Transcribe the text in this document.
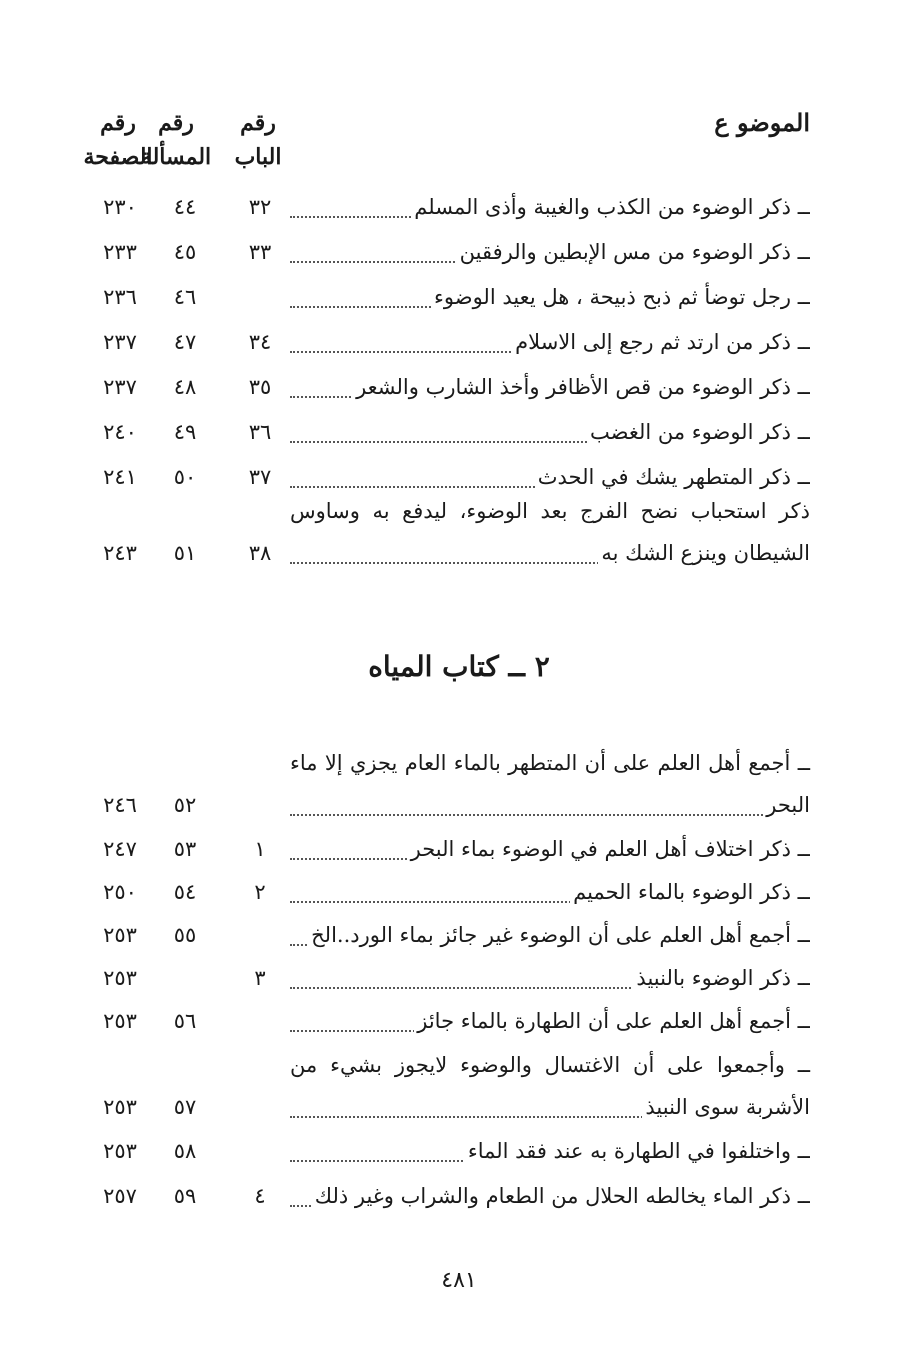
الموضو ع
رقم
الباب
رقم
المسألة
رقم
الصفحة
ــ ذكر الوضوء من الكذب والغيبة وأذى المسلم
٣٢
٤٤
٢٣٠
ــ ذكر الوضوء من مس الإبطين والرفقين
٣٣
٤٥
٢٣٣
ــ رجل توضأ ثم ذبح ذبيحة ، هل يعيد الوضوء
٤٦
٢٣٦
ــ ذكر من ارتد ثم رجع إلى الاسلام
٣٤
٤٧
٢٣٧
ــ ذكر الوضوء من قص الأظافر وأخذ الشارب والشعر
٣٥
٤٨
٢٣٧
ــ ذكر الوضوء من الغضب
٣٦
٤٩
٢٤٠
ــ ذكر المتطهر يشك في الحدث
٣٧
٥٠
٢٤١
ذكر استحباب نضح الفرج بعد الوضوء، ليدفع به وساوس
الشيطان وينزع الشك به
٣٨
٥١
٢٤٣
٢ ــ كتاب المياه
ــ أجمع أهل العلم على أن المتطهر بالماء العام يجزي إلا ماء
البحر
٥٢
٢٤٦
ــ ذكر اختلاف أهل العلم في الوضوء بماء البحر
١
٥٣
٢٤٧
ــ ذكر الوضوء بالماء الحميم
٢
٥٤
٢٥٠
ــ أجمع أهل العلم على أن الوضوء غير جائز بماء الورد..الخ
٥٥
٢٥٣
ــ ذكر الوضوء بالنبيذ
٣
٢٥٣
ــ أجمع أهل العلم على أن الطهارة بالماء جائز
٥٦
٢٥٣
ــ وأجمعوا على أن الاغتسال والوضوء لايجوز بشيء من
الأشربة سوى النبيذ
٥٧
٢٥٣
ــ واختلفوا في الطهارة به عند فقد الماء
٥٨
٢٥٣
ــ ذكر الماء يخالطه الحلال من الطعام والشراب وغير ذلك
٤
٥٩
٢٥٧
٤٨١
